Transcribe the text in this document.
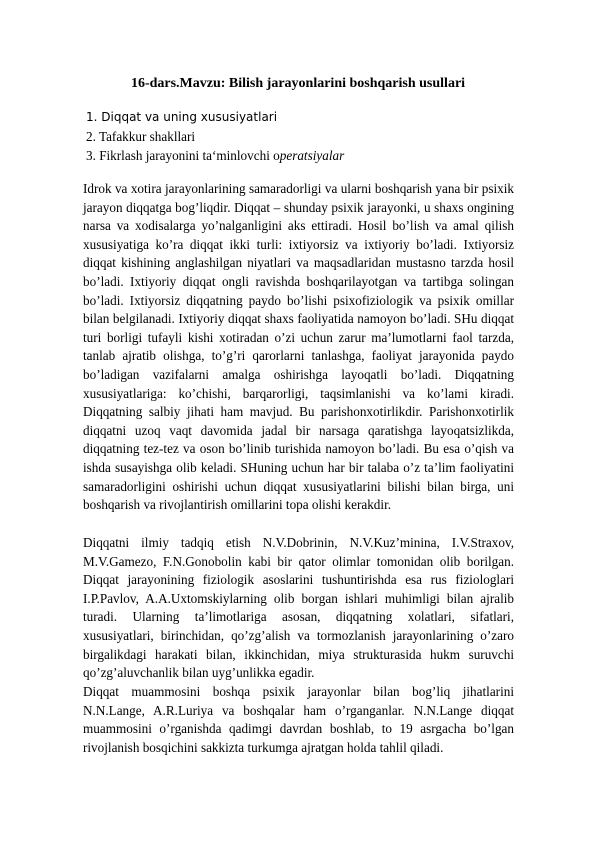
16-dars.Mavzu: Bilish jarayonlarini boshqarish usullari
1. Diqqat va uning xususiyatlari
2. Tafakkur shakllari
3. Fikrlash jarayonini ta‘minlovchi operatsiyalar

Idrok va xotira jarayonlarining samaradorligi va ularni boshqarish yana bir psixik jarayon diqqatga bog’liqdir. Diqqat – shunday psixik jarayonki, u shaxs ongining narsa va xodisalarga yo’nalganligini aks ettiradi. Hosil bo’lish va amal qilish xususiyatiga ko’ra diqqat ikki turli: ixtiyorsiz va ixtiyoriy bo’ladi. Ixtiyorsiz diqqat kishining anglashilgan niyatlari va maqsadlaridan mustasno tarzda hosil bo’ladi. Ixtiyoriy diqqat ongli ravishda boshqarilayotgan va tartibga solingan bo’ladi. Ixtiyorsiz diqqatning paydo bo’lishi psixofiziologik va psixik omillar bilan belgilanadi. Ixtiyoriy diqqat shaxs faoliyatida namoyon bo’ladi. SHu diqqat turi borligi tufayli kishi xotiradan o’zi uchun zarur ma’lumotlarni faol tarzda, tanlab ajratib olishga, to’g’ri qarorlarni tanlashga, faoliyat jarayonida paydo bo’ladigan vazifalarni amalga oshirishga layoqatli bo’ladi. Diqqatning xususiyatlariga: ko’chishi, barqarorligi, taqsimlanishi va ko’lami kiradi. Diqqatning salbiy jihati ham mavjud. Bu parishonxotirlikdir. Parishonxotirlik diqqatni uzoq vaqt davomida jadal bir narsaga qaratishga layoqatsizlikda, diqqatning tez-tez va oson bo’linib turishida namoyon bo’ladi. Bu esa o’qish va ishda susayishga olib keladi. SHuning uchun har bir talaba o’z ta’lim faoliyatini samaradorligini oshirishi uchun diqqat xususiyatlarini bilishi bilan birga, uni boshqarish va rivojlantirish omillarini topa olishi kerakdir.

Diqqatni ilmiy tadqiq etish N.V.Dobrinin, N.V.Kuz’minina, I.V.Straxov, M.V.Gamezo, F.N.Gonobolin kabi bir qator olimlar tomonidan olib borilgan. Diqqat jarayonining fiziologik asoslarini tushuntirishda esa rus fiziologlari I.P.Pavlov, A.A.Uxtomskiylarning olib borgan ishlari muhimligi bilan ajralib turadi. Ularning ta’limotlariga asosan, diqqatning xolatlari, sifatlari, xususiyatlari, birinchidan, qo’zg’alish va tormozlanish jarayonlarining o’zaro birgalikdagi harakati bilan, ikkinchidan, miya strukturasida hukm suruvchi qo’zg’aluvchanlik bilan uyg’unlikka egadir.

Diqqat muammosini boshqa psixik jarayonlar bilan bog’liq jihatlarini N.N.Lange, A.R.Luriya va boshqalar ham o’rganganlar. N.N.Lange diqqat muammosini o’rganishda qadimgi davrdan boshlab, to 19 asrgacha bo’lgan rivojlanish bosqichini sakkizta turkumga ajratgan holda tahlil qiladi.
